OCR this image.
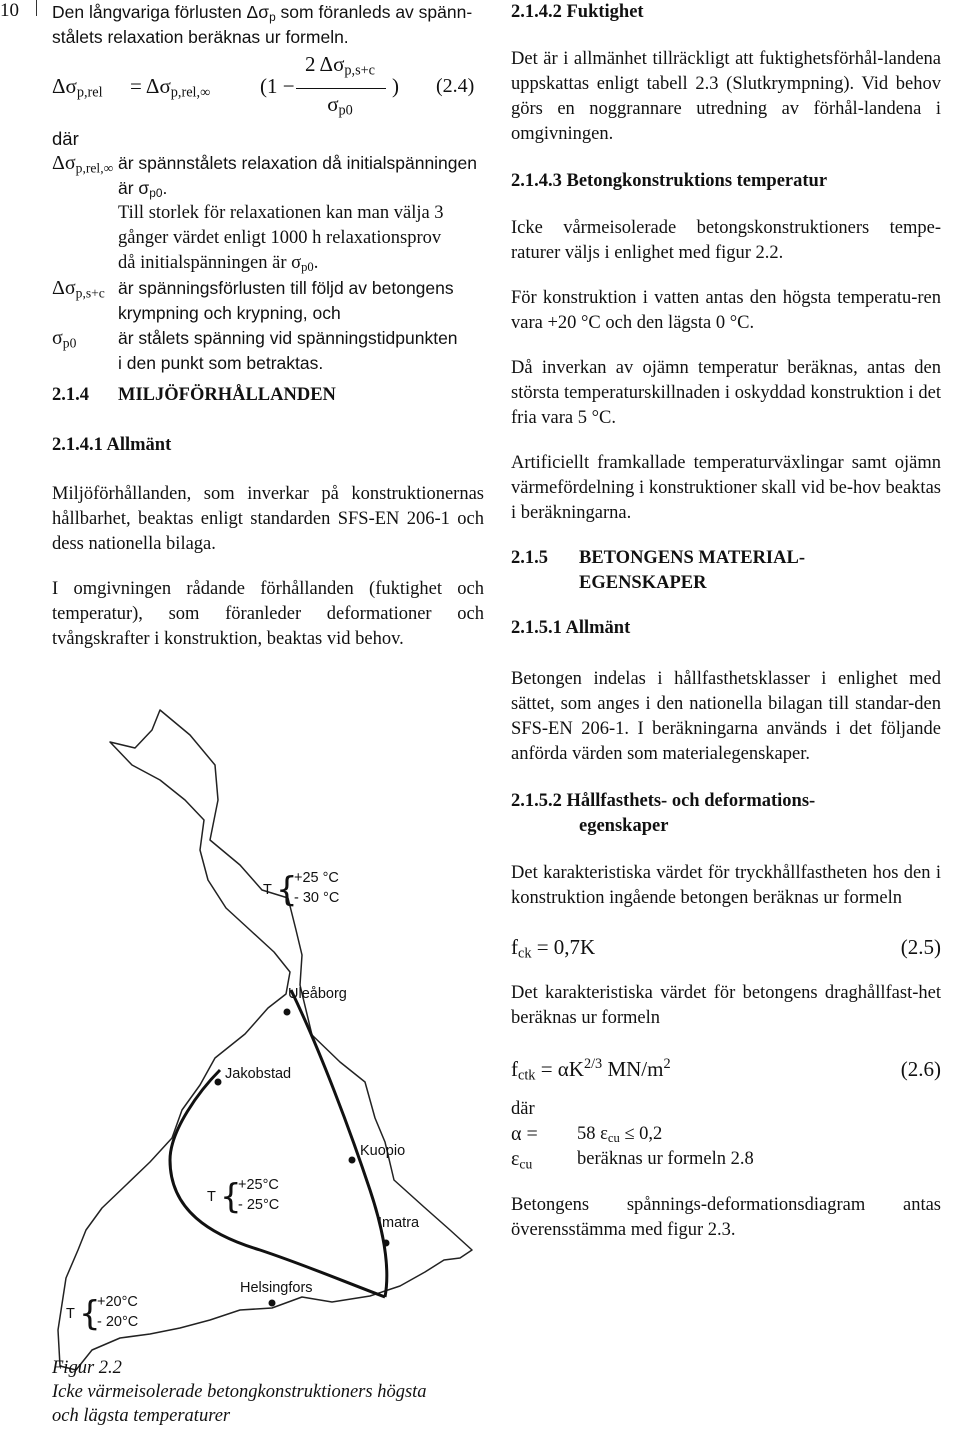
10	Den långvariga förlusten $\Delta\sigma_p$ som föranleds av spänn-stålets relaxation beräknas ur formeln.

$\Delta\sigma_{p,rel} = \Delta\sigma_{p,rel,\infty}$ (1 −
2 $\Delta\sigma_{p,s+c}$
$\sigma_{p0}$
) (2.4)
där
$\Delta\sigma_{p,rel,\infty}$ är spännstålets relaxation då initialspänningen
är $\sigma_{p0}$.
Till storlek för relaxationen kan man välja 3
gånger värdet enligt 1000 h relaxationsprov
då initialspänningen är $\sigma_{p0}$.
$\Delta\sigma_{p,s+c}$ är spänningsförlusten till följd av betongens
krympning och krypning, och
$\sigma_{p0}$ är stålets spänning vid spänningstidpunkten
i den punkt som betraktas.
2.1.4 MILJÖFÖRHÅLLANDEN

2.1.4.1 Allmänt

Miljöförhållanden, som inverkar på konstruktionernas hållbarhet, beaktas enligt standarden SFS-EN 206-1 och dess nationella bilaga.

I omgivningen rådande förhållanden (fuktighet och temperatur), som föranleder deformationer och tvångskrafter i konstruktion, beaktas vid behov.

Uleåborg
Jakobstad
Kuopio
Imatra
Helsingfors
T {
+25 °C
- 30 °C
T {
+25°C
- 25°C
T {
+20°C
- 20°C
Figur 2.2
Icke värmeisolerade betongkonstruktioners högsta
och lägsta temperaturer

2.1.4.2 Fuktighet

Det är i allmänhet tillräckligt att fuktighetsförhål-landena uppskattas enligt tabell 2.3 (Slutkrympning). Vid behov görs en noggrannare utredning av förhål-landena i omgivningen.

2.1.4.3 Betongkonstruktions temperatur

Icke vårmeisolerade betongskonstruktioners tempe-raturer väljs i enlighet med figur 2.2.

För konstruktion i vatten antas den högsta temperatu-ren vara +20 °C och den lägsta 0 °C.

Då inverkan av ojämn temperatur beräknas, antas den största temperaturskillnaden i oskyddad konstruktion i det fria vara 5 °C.

Artificiellt framkallade temperaturväxlingar samt ojämn värmefördelning i konstruktioner skall vid be-hov beaktas i beräkningarna.

2.1.5 BETONGENS MATERIAL-
EGENSKAPER

2.1.5.1 Allmänt

Betongen indelas i hållfasthetsklasser i enlighet med sättet, som anges i den nationella bilagan till standar-den SFS-EN 206-1. I beräkningarna används i det följande anförda värden som materialegenskaper.

2.1.5.2 Hållfasthets- och deformations-
egenskaper

Det karakteristiska värdet för tryckhållfastheten hos den i konstruktion ingående betongen beräknas ur formeln

$f_{ck} = 0,7K$	(2.5)

Det karakteristiska värdet för betongens draghållfast-het beräknas ur formeln

$f_{ctk} = \alpha K^{2/3}$ $MN/m^2$	(2.6)
där
α = 58 $\varepsilon_{cu} \le 0,2$
$\varepsilon_{cu}$ beräknas ur formeln 2.8

Betongens spånnings-deformationsdiagram antas överensstämma med figur 2.3.
